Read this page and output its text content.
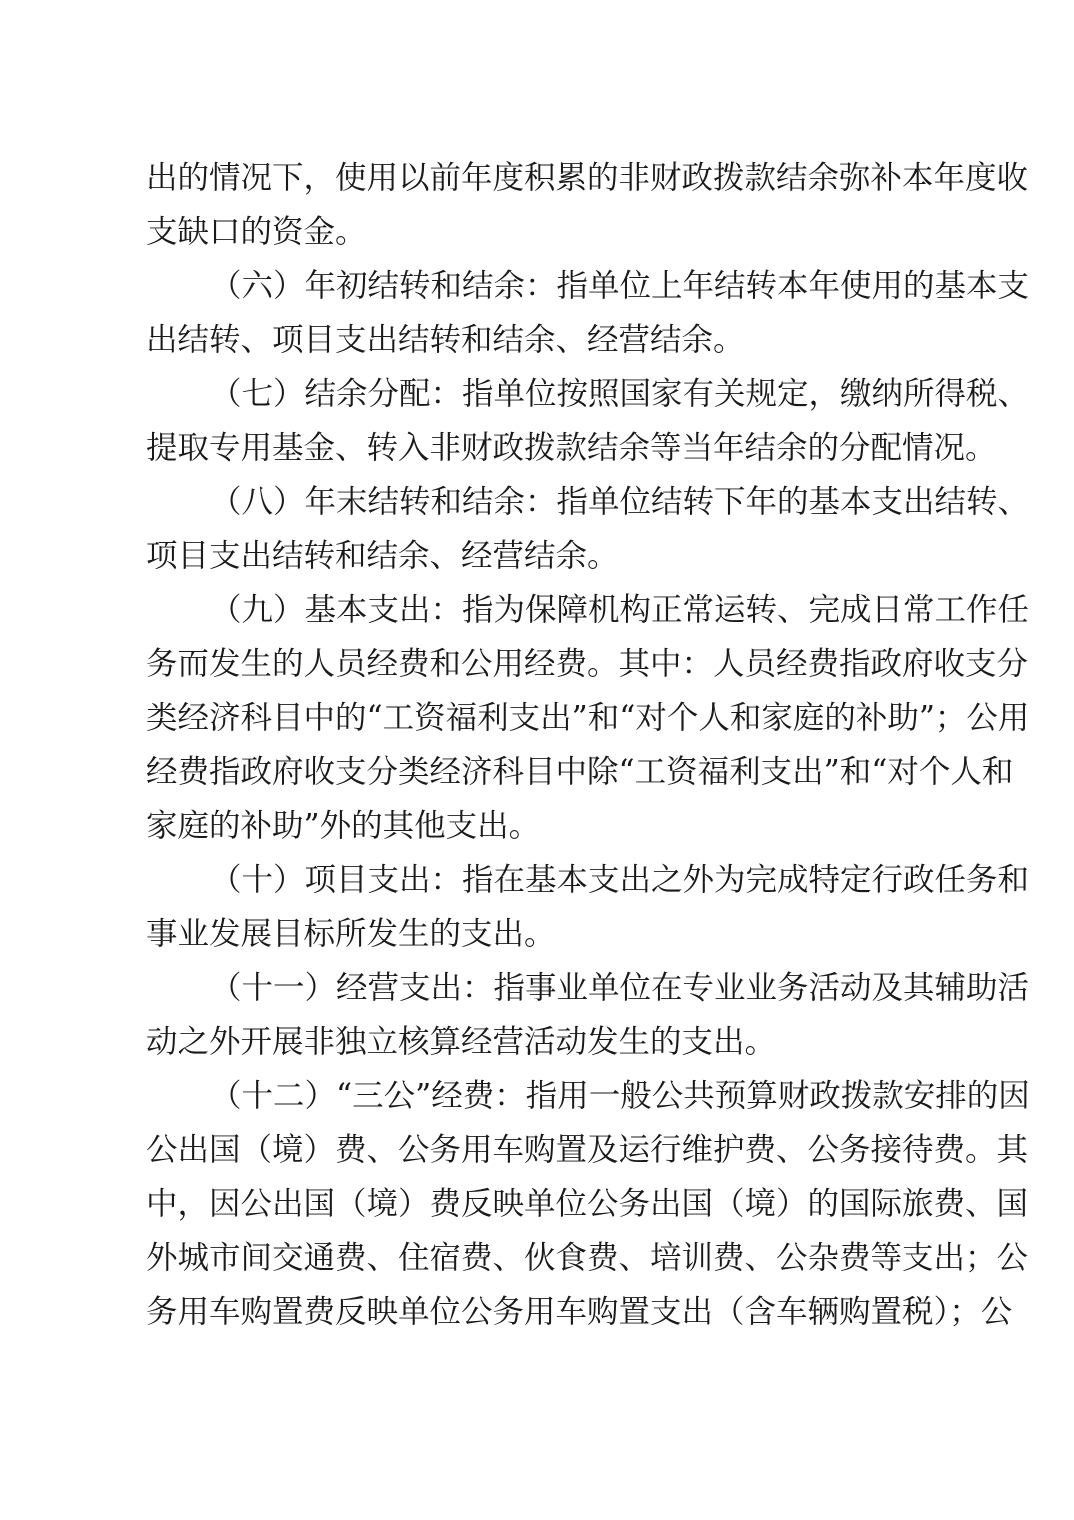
出的情况下，使用以前年度积累的非财政拨款结余弥补本年度收
支缺口的资金。
（六）年初结转和结余：指单位上年结转本年使用的基本支
出结转、项目支出结转和结余、经营结余。
（七）结余分配：指单位按照国家有关规定，缴纳所得税、
提取专用基金、转入非财政拨款结余等当年结余的分配情况。
（八）年末结转和结余：指单位结转下年的基本支出结转、
项目支出结转和结余、经营结余。
（九）基本支出：指为保障机构正常运转、完成日常工作任
务而发生的人员经费和公用经费。其中：人员经费指政府收支分
类经济科目中的“工资福利支出”和“对个人和家庭的补助”；公用
经费指政府收支分类经济科目中除“工资福利支出”和“对个人和
家庭的补助”外的其他支出。
（十）项目支出：指在基本支出之外为完成特定行政任务和
事业发展目标所发生的支出。
（十一）经营支出：指事业单位在专业业务活动及其辅助活
动之外开展非独立核算经营活动发生的支出。
（十二）“三公”经费：指用一般公共预算财政拨款安排的因
公出国（境）费、公务用车购置及运行维护费、公务接待费。其
中，因公出国（境）费反映单位公务出国（境）的国际旅费、国
外城市间交通费、住宿费、伙食费、培训费、公杂费等支出；公
务用车购置费反映单位公务用车购置支出（含车辆购置税）；公
